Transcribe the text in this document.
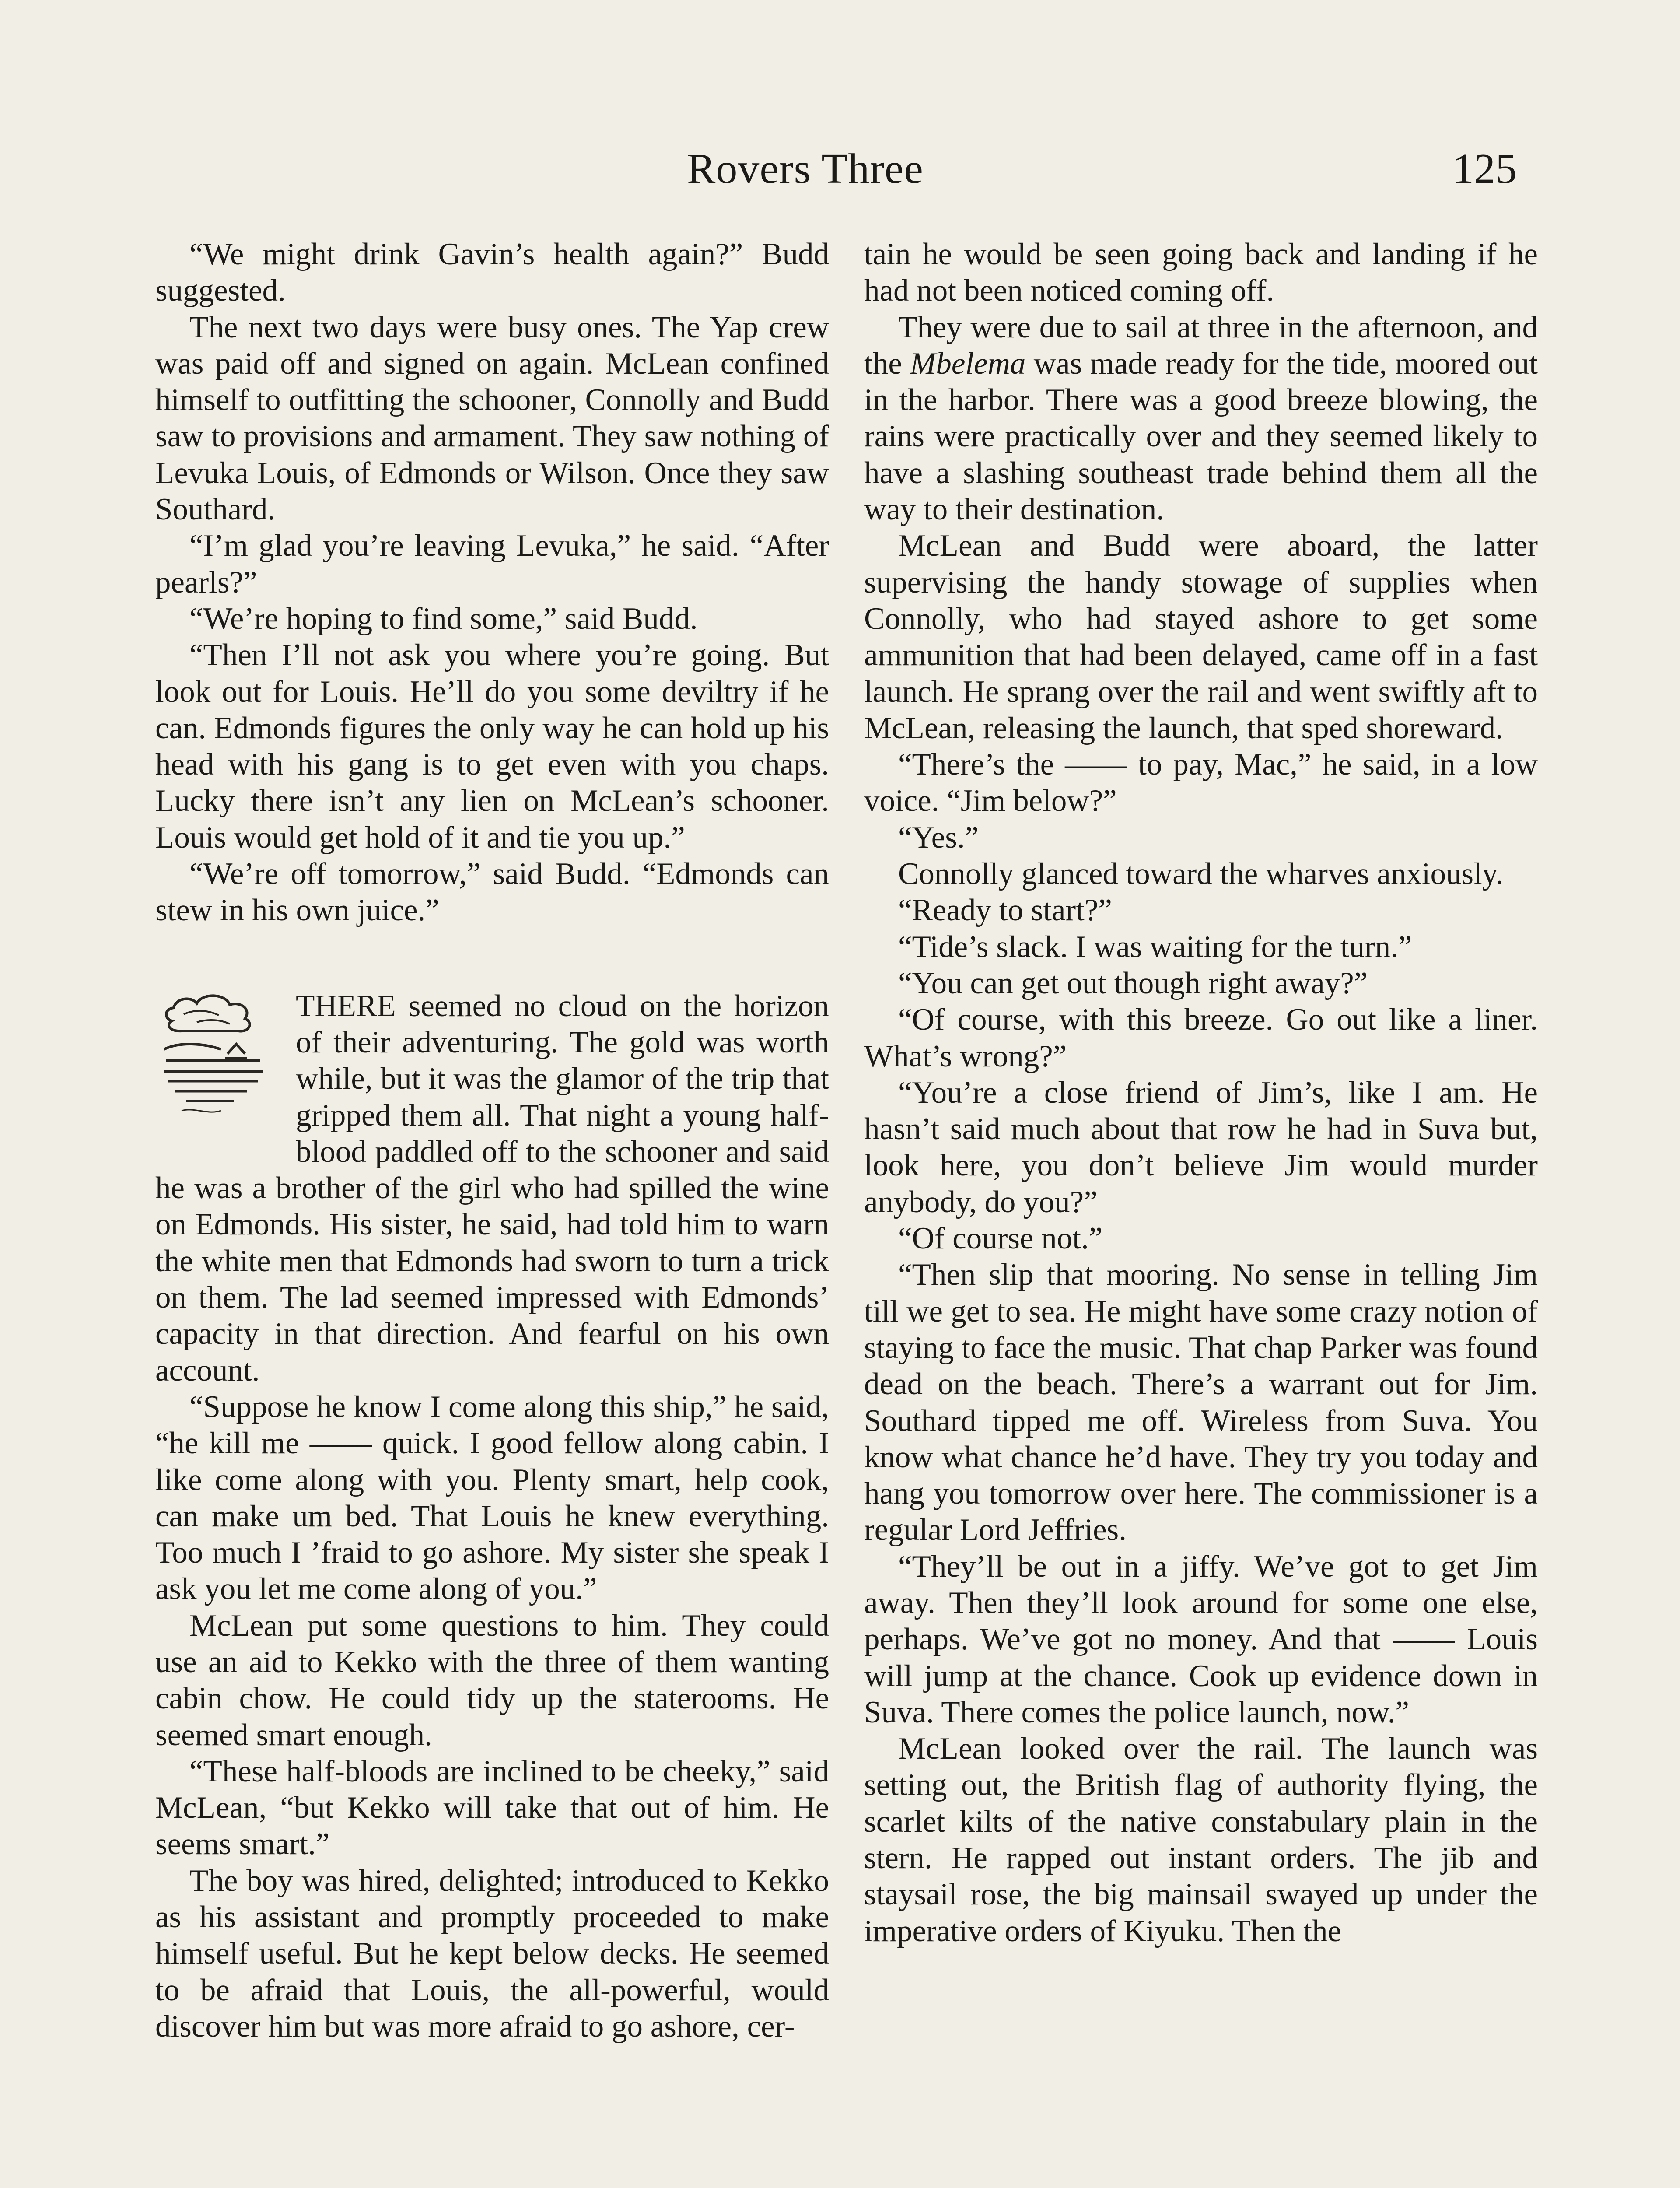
Rovers Three	125

“We might drink Gavin’s health again?” Budd suggested.

The next two days were busy ones. The Yap crew was paid off and signed on again. McLean confined himself to outfitting the schooner, Connolly and Budd saw to provisions and armament. They saw nothing of Levuka Louis, of Edmonds or Wilson. Once they saw Southard.

“I’m glad you’re leaving Levuka,” he said. “After pearls?”

“We’re hoping to find some,” said Budd.

“Then I’ll not ask you where you’re going. But look out for Louis. He’ll do you some deviltry if he can. Edmonds figures the only way he can hold up his head with his gang is to get even with you chaps. Lucky there isn’t any lien on McLean’s schooner. Louis would get hold of it and tie you up.”

“We’re off tomorrow,” said Budd. “Edmonds can stew in his own juice.”

THERE seemed no cloud on the horizon of their adventuring. The gold was worth while, but it was the glamor of the trip that gripped them all. That night a young half-blood paddled off to the schooner and said he was a brother of the girl who had spilled the wine on Edmonds. His sister, he said, had told him to warn the white men that Edmonds had sworn to turn a trick on them. The lad seemed impressed with Edmonds’ capacity in that direction. And fearful on his own account.

“Suppose he know I come along this ship,” he said, “he kill me —— quick. I good fellow along cabin. I like come along with you. Plenty smart, help cook, can make um bed. That Louis he knew everything. Too much I ’fraid to go ashore. My sister she speak I ask you let me come along of you.”

McLean put some questions to him. They could use an aid to Kekko with the three of them wanting cabin chow. He could tidy up the staterooms. He seemed smart enough.

“These half-bloods are inclined to be cheeky,” said McLean, “but Kekko will take that out of him. He seems smart.”

The boy was hired, delighted; introduced to Kekko as his assistant and promptly proceeded to make himself useful. But he kept below decks. He seemed to be afraid that Louis, the all-powerful, would discover him but was more afraid to go ashore, cer-

tain he would be seen going back and landing if he had not been noticed coming off.

They were due to sail at three in the afternoon, and the Mbelema was made ready for the tide, moored out in the harbor. There was a good breeze blowing, the rains were practically over and they seemed likely to have a slashing southeast trade behind them all the way to their destination.

McLean and Budd were aboard, the latter supervising the handy stowage of supplies when Connolly, who had stayed ashore to get some ammunition that had been delayed, came off in a fast launch. He sprang over the rail and went swiftly aft to McLean, releasing the launch, that sped shoreward.

“There’s the —— to pay, Mac,” he said, in a low voice. “Jim below?”

“Yes.”

Connolly glanced toward the wharves anxiously.

“Ready to start?”

“Tide’s slack. I was waiting for the turn.”

“You can get out though right away?”

“Of course, with this breeze. Go out like a liner. What’s wrong?”

“You’re a close friend of Jim’s, like I am. He hasn’t said much about that row he had in Suva but, look here, you don’t believe Jim would murder anybody, do you?”

“Of course not.”

“Then slip that mooring. No sense in telling Jim till we get to sea. He might have some crazy notion of staying to face the music. That chap Parker was found dead on the beach. There’s a warrant out for Jim. Southard tipped me off. Wireless from Suva. You know what chance he’d have. They try you today and hang you tomorrow over here. The commissioner is a regular Lord Jeffries.

“They’ll be out in a jiffy. We’ve got to get Jim away. Then they’ll look around for some one else, perhaps. We’ve got no money. And that —— Louis will jump at the chance. Cook up evidence down in Suva. There comes the police launch, now.”

McLean looked over the rail. The launch was setting out, the British flag of authority flying, the scarlet kilts of the native constabulary plain in the stern. He rapped out instant orders. The jib and staysail rose, the big mainsail swayed up under the imperative orders of Kiyuku. Then the
